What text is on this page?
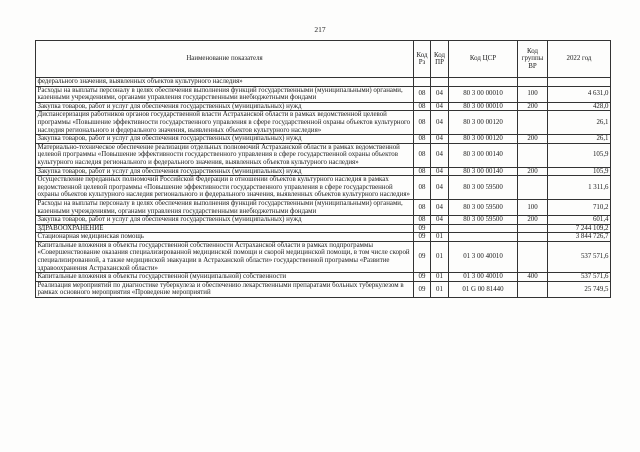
217
Наименование показателя	Код Рз	Код ПР	Код ЦСР	Код группы ВР	2022 год
федерального значения, выявленных объектов культурного наследия»					
Расходы на выплаты персоналу в целях обеспечения выполнения функций государственными (муниципальными) органами, казенными учреждениями, органами управления государственными внебюджетными фондами	08	04	80 3 00 00010	100	4 631,0
Закупка товаров, работ и услуг для обеспечения государственных (муниципальных) нужд	08	04	80 3 00 00010	200	428,0
Диспансеризация работников органов государственной власти Астраханской области в рамках ведомственной целевой программы «Повышение эффективности государственного управления в сфере государственной охраны объектов культурного наследия регионального и федерального значения, выявленных объектов культурного наследия»	08	04	80 3 00 00120		26,1
Закупка товаров, работ и услуг для обеспечения государственных (муниципальных) нужд	08	04	80 3 00 00120	200	26,1
Материально-техническое обеспечение реализации отдельных полномочий Астраханской области в рамках ведомственной целевой программы «Повышение эффективности государственного управления в сфере государственной охраны объектов культурного наследия регионального и федерального значения, выявленных объектов культурного наследия»	08	04	80 3 00 00140		105,9
Закупка товаров, работ и услуг для обеспечения государственных (муниципальных) нужд	08	04	80 3 00 00140	200	105,9
Осуществление переданных полномочий Российской Федерации в отношении объектов культурного наследия в рамках ведомственной целевой программы «Повышение эффективности государственного управления в сфере государственной охраны объектов культурного наследия регионального и федерального значения, выявленных объектов культурного наследия»	08	04	80 3 00 59500		1 311,6
Расходы на выплаты персоналу в целях обеспечения выполнения функций государственными (муниципальными) органами, казенными учреждениями, органами управления государственными внебюджетными фондами	08	04	80 3 00 59500	100	710,2
Закупка товаров, работ и услуг для обеспечения государственных (муниципальных) нужд	08	04	80 3 00 59500	200	601,4
ЗДРАВООХРАНЕНИЕ	09				7 244 109,2
Стационарная медицинская помощь	09	01			3 844 726,7
Капитальные вложения в объекты государственной собственности Астраханской области в рамках подпрограммы «Совершенствование оказания специализированной медицинской помощи и скорой медицинской помощи, в том числе скорой специализированной, а также медицинской эвакуации в Астраханской области» государственной программы «Развитие здравоохранения Астраханской области»	09	01	01 3 00 40010		537 571,6
Капитальные вложения в объекты государственной (муниципальной) собственности	09	01	01 3 00 40010	400	537 571,6
Реализация мероприятий по диагностике туберкулеза и обеспечению лекарственными препаратами больных туберкулезом в рамках основного мероприятия «Проведение мероприятий	09	01	01 G 00 81440		25 749,5
